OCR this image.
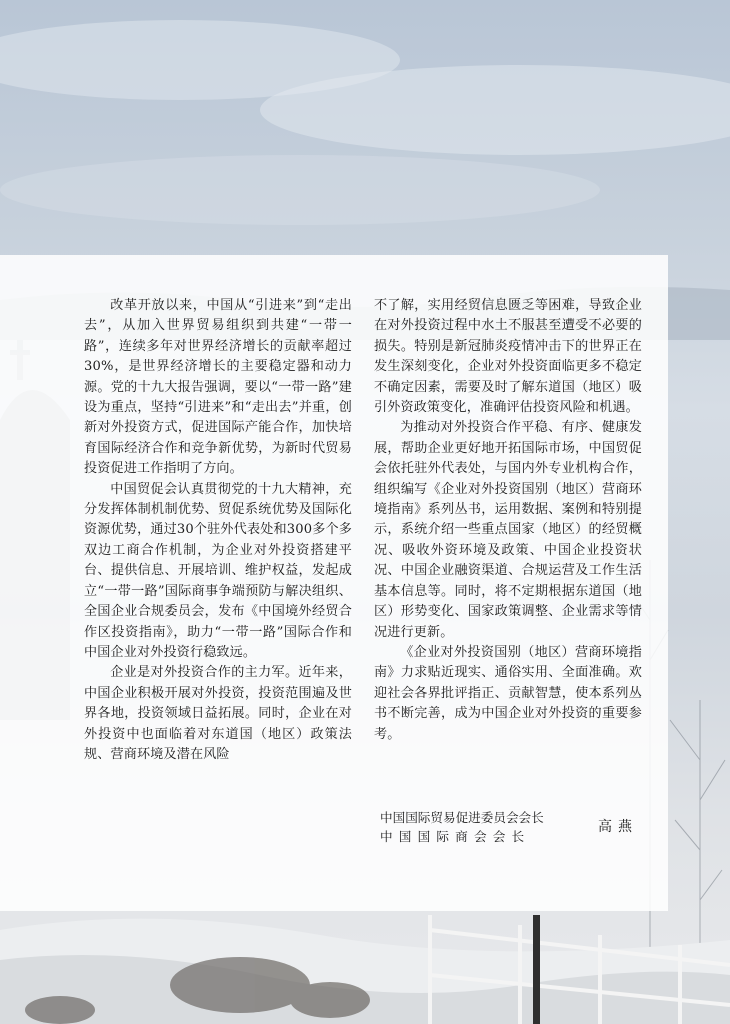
改革开放以来，中国从“引进来”到“走出去”，从加入世界贸易组织到共建“一带一路”，连续多年对世界经济增长的贡献率超过30%，是世界经济增长的主要稳定器和动力源。党的十九大报告强调，要以“一带一路”建设为重点，坚持“引进来”和“走出去”并重，创新对外投资方式，促进国际产能合作，加快培育国际经济合作和竞争新优势，为新时代贸易投资促进工作指明了方向。

中国贸促会认真贯彻党的十九大精神，充分发挥体制机制优势、贸促系统优势及国际化资源优势，通过30个驻外代表处和300多个多双边工商合作机制，为企业对外投资搭建平台、提供信息、开展培训、维护权益，发起成立“一带一路”国际商事争端预防与解决组织、全国企业合规委员会，发布《中国境外经贸合作区投资指南》，助力“一带一路”国际合作和中国企业对外投资行稳致远。

企业是对外投资合作的主力军。近年来，中国企业积极开展对外投资，投资范围遍及世界各地，投资领域日益拓展。同时，企业在对外投资中也面临着对东道国（地区）政策法规、营商环境及潜在风险

不了解，实用经贸信息匮乏等困难，导致企业在对外投资过程中水土不服甚至遭受不必要的损失。特别是新冠肺炎疫情冲击下的世界正在发生深刻变化，企业对外投资面临更多不稳定不确定因素，需要及时了解东道国（地区）吸引外资政策变化，准确评估投资风险和机遇。

为推动对外投资合作平稳、有序、健康发展，帮助企业更好地开拓国际市场，中国贸促会依托驻外代表处，与国内外专业机构合作，组织编写《企业对外投资国别（地区）营商环境指南》系列丛书，运用数据、案例和特别提示，系统介绍一些重点国家（地区）的经贸概况、吸收外资环境及政策、中国企业投资状况、中国企业融资渠道、合规运营及工作生活基本信息等。同时，将不定期根据东道国（地区）形势变化、国家政策调整、企业需求等情况进行更新。

《企业对外投资国别（地区）营商环境指南》力求贴近现实、通俗实用、全面准确。欢迎社会各界批评指正、贡献智慧，使本系列丛书不断完善，成为中国企业对外投资的重要参考。

中国国际贸易促进委员会会长
中国国际商会会长
高燕
